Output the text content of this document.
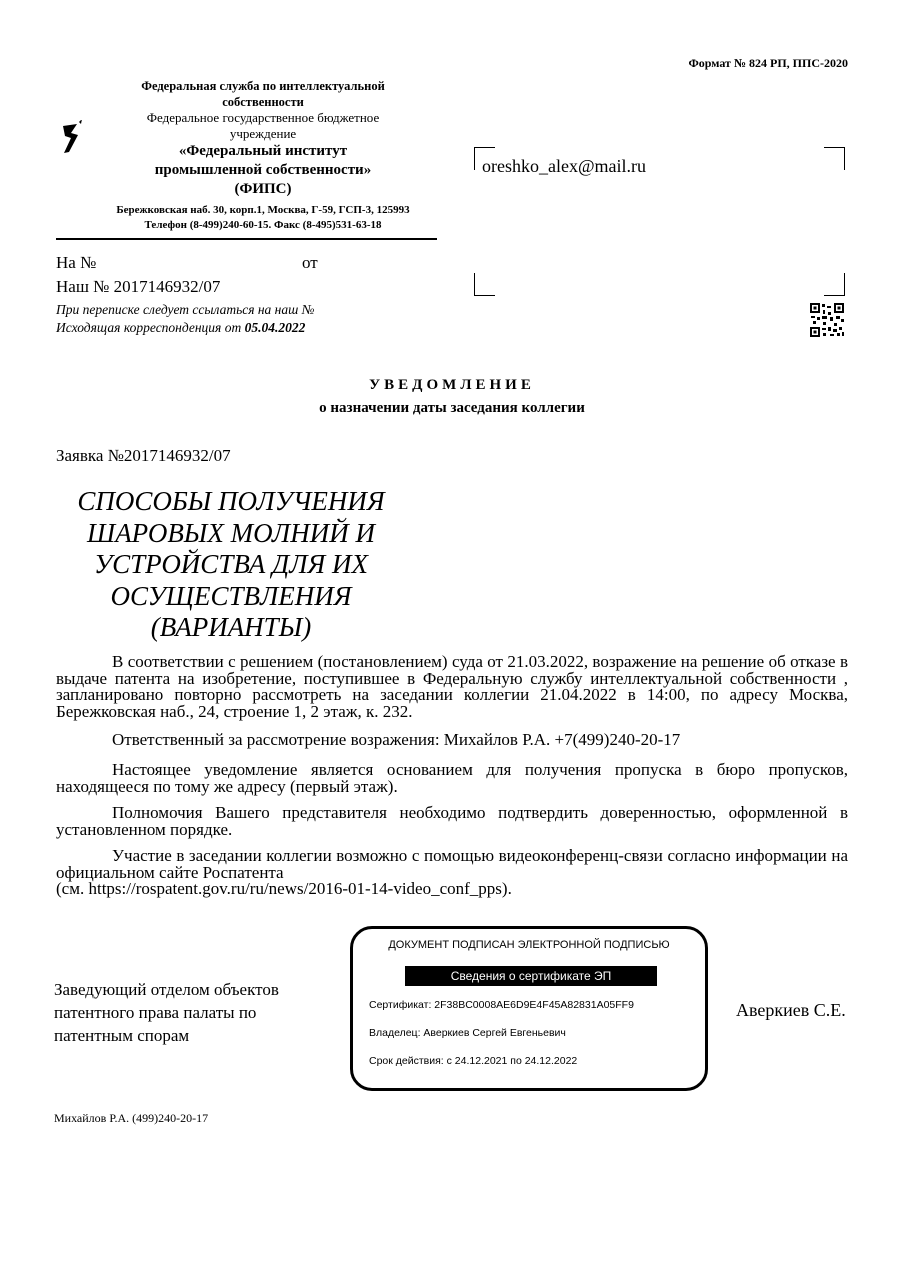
Формат № 824 РП, ППС-2020
Федеральная служба по интеллектуальной
собственности
Федеральное государственное бюджетное
учреждение
«Федеральный институт
промышленной собственности»
(ФИПС)
Бережковская наб. 30, корп.1, Москва, Г-59, ГСП-3, 125993
Телефон (8-499)240-60-15. Факс (8-495)531-63-18
На №	от
Наш № 2017146932/07
При переписке следует ссылаться на наш №
Исходящая корреспонденция от 05.04.2022
oreshko_alex@mail.ru
УВЕДОМЛЕНИЕ
о назначении даты заседания коллегии
Заявка №2017146932/07
СПОСОБЫ ПОЛУЧЕНИЯ
ШАРОВЫХ МОЛНИЙ И
УСТРОЙСТВА ДЛЯ ИХ
ОСУЩЕСТВЛЕНИЯ
(ВАРИАНТЫ)
В соответствии с решением (постановлением) суда от 21.03.2022, возражение на решение об отказе в выдаче патента на изобретение, поступившее в Федеральную службу интеллектуальной собственности , запланировано повторно рассмотреть на заседании коллегии 21.04.2022 в 14:00, по адресу Москва, Бережковская наб., 24, строение 1, 2 этаж, к. 232.
Ответственный за рассмотрение возражения: Михайлов Р.А. +7(499)240-20-17
Настоящее уведомление является основанием для получения пропуска в бюро пропусков, находящееся по тому же адресу (первый этаж).
Полномочия Вашего представителя необходимо подтвердить доверенностью, оформленной в установленном порядке.
Участие в заседании коллегии возможно с помощью видеоконференц-связи согласно информации на официальном сайте Роспатента
(см. https://rospatent.gov.ru/ru/news/2016-01-14-video_conf_pps).
Заведующий отделом объектов
патентного права палаты по
патентным спорам
ДОКУМЕНТ ПОДПИСАН ЭЛЕКТРОННОЙ ПОДПИСЬЮ
Сведения о сертификате ЭП
Сертификат: 2F38BC0008AE6D9E4F45A82831A05FF9
Владелец: Аверкиев Сергей Евгеньевич
Срок действия: с 24.12.2021 по 24.12.2022
Аверкиев С.Е.
Михайлов Р.А. (499)240-20-17
